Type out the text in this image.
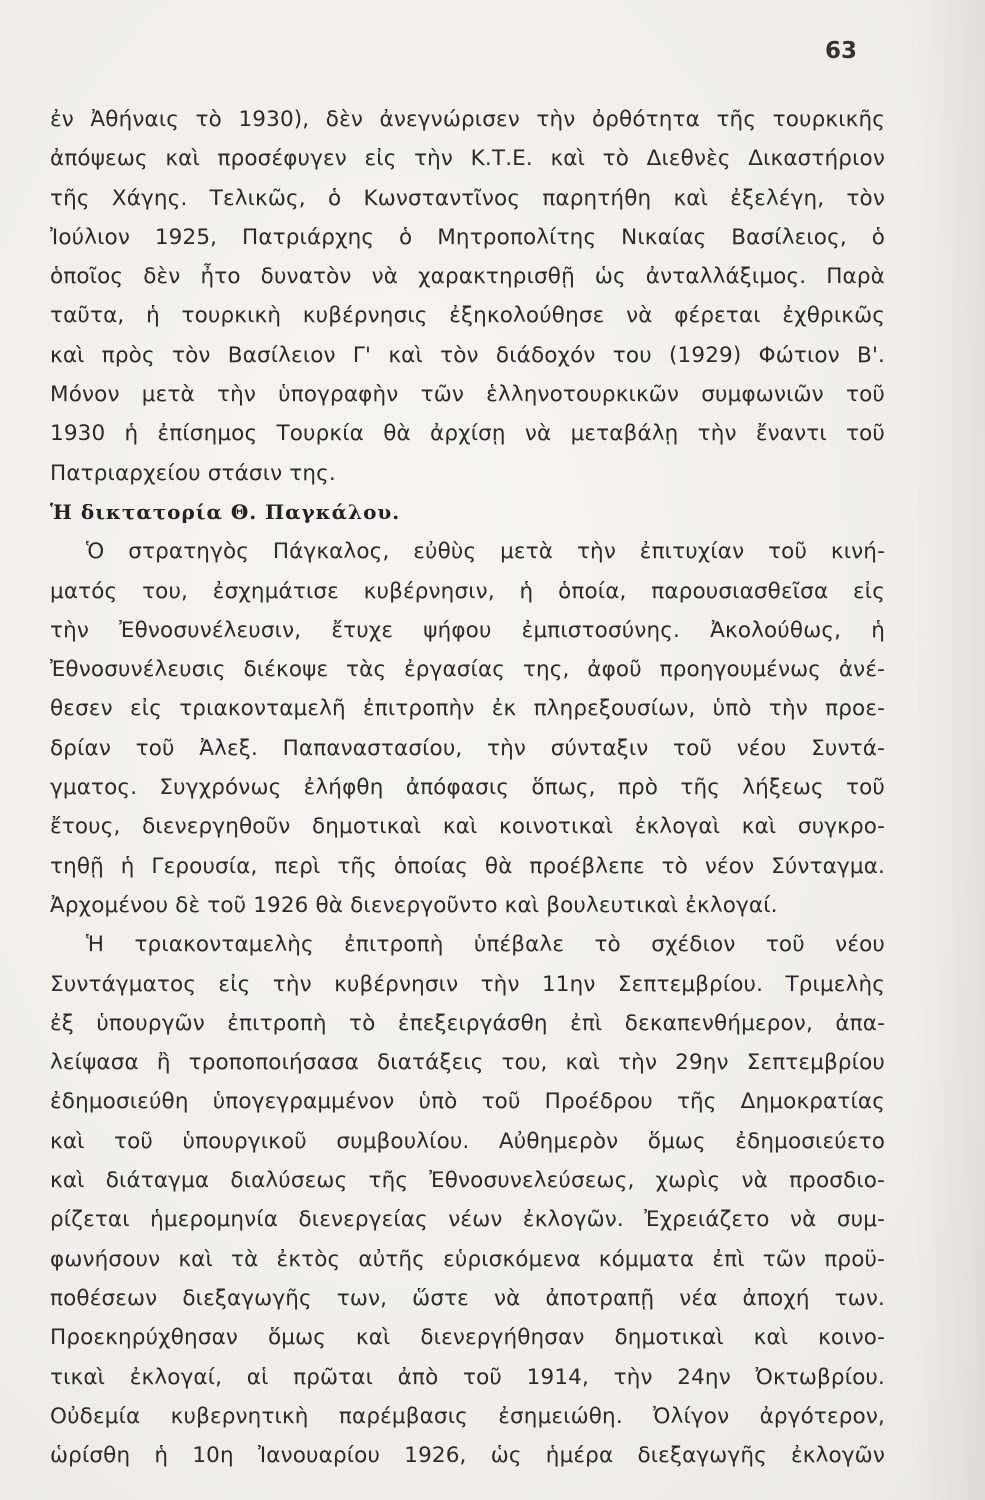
63
ἐν Ἀθήναις τὸ 1930), δὲν ἀνεγνώρισεν τὴν ὀρθότητα τῆς τουρκικῆς
ἀπόψεως καὶ προσέφυγεν εἰς τὴν Κ.Τ.Ε. καὶ τὸ Διεθνὲς Δικαστήριον
τῆς Χάγης. Τελικῶς, ὁ Κωνσταντῖνος παρητήθη καὶ ἐξελέγη, τὸν
Ἰούλιον 1925, Πατριάρχης ὁ Μητροπολίτης Νικαίας Βασίλειος, ὁ
ὁποῖος δὲν ἦτο δυνατὸν νὰ χαρακτηρισθῇ ὡς ἀνταλλάξιμος. Παρὰ
ταῦτα, ἡ τουρκικὴ κυβέρνησις ἐξηκολούθησε νὰ φέρεται ἐχθρικῶς
καὶ πρὸς τὸν Βασίλειον Γ' καὶ τὸν διάδοχόν του (1929) Φώτιον Β'.
Μόνον μετὰ τὴν ὑπογραφὴν τῶν ἑλληνοτουρκικῶν συμφωνιῶν τοῦ
1930 ἡ ἐπίσημος Τουρκία θὰ ἀρχίσῃ νὰ μεταβάλῃ τὴν ἔναντι τοῦ
Πατριαρχείου στάσιν της.
Ἡ δικτατορία Θ. Παγκάλου.
Ὁ στρατηγὸς Πάγκαλος, εὐθὺς μετὰ τὴν ἐπιτυχίαν τοῦ κινή-
ματός του, ἐσχημάτισε κυβέρνησιν, ἡ ὁποία, παρουσιασθεῖσα εἰς
τὴν Ἐθνοσυνέλευσιν, ἔτυχε ψήφου ἐμπιστοσύνης. Ἀκολούθως, ἡ
Ἐθνοσυνέλευσις διέκοψε τὰς ἐργασίας της, ἀφοῦ προηγουμένως ἀνέ-
θεσεν εἰς τριακονταμελῆ ἐπιτροπὴν ἐκ πληρεξουσίων, ὑπὸ τὴν προε-
δρίαν τοῦ Ἀλεξ. Παπαναστασίου, τὴν σύνταξιν τοῦ νέου Συντά-
γματος. Συγχρόνως ἐλήφθη ἀπόφασις ὅπως, πρὸ τῆς λήξεως τοῦ
ἔτους, διενεργηθοῦν δημοτικαὶ καὶ κοινοτικαὶ ἐκλογαὶ καὶ συγκρο-
τηθῇ ἡ Γερουσία, περὶ τῆς ὁποίας θὰ προέβλεπε τὸ νέον Σύνταγμα.
Ἀρχομένου δὲ τοῦ 1926 θὰ διενεργοῦντο καὶ βουλευτικαὶ ἐκλογαί.
Ἡ τριακονταμελὴς ἐπιτροπὴ ὑπέβαλε τὸ σχέδιον τοῦ νέου
Συντάγματος εἰς τὴν κυβέρνησιν τὴν 11ην Σεπτεμβρίου. Τριμελὴς
ἐξ ὑπουργῶν ἐπιτροπὴ τὸ ἐπεξειργάσθη ἐπὶ δεκαπενθήμερον, ἀπα-
λείψασα ἢ τροποποιήσασα διατάξεις του, καὶ τὴν 29ην Σεπτεμβρίου
ἐδημοσιεύθη ὑπογεγραμμένον ὑπὸ τοῦ Προέδρου τῆς Δημοκρατίας
καὶ τοῦ ὑπουργικοῦ συμβουλίου. Αὐθημερὸν ὅμως ἐδημοσιεύετο
καὶ διάταγμα διαλύσεως τῆς Ἐθνοσυνελεύσεως, χωρὶς νὰ προσδιο-
ρίζεται ἡμερομηνία διενεργείας νέων ἐκλογῶν. Ἐχρειάζετο νὰ συμ-
φωνήσουν καὶ τὰ ἐκτὸς αὐτῆς εὑρισκόμενα κόμματα ἐπὶ τῶν προϋ-
ποθέσεων διεξαγωγῆς των, ὥστε νὰ ἀποτραπῇ νέα ἀποχή των.
Προεκηρύχθησαν ὅμως καὶ διενεργήθησαν δημοτικαὶ καὶ κοινο-
τικαὶ ἐκλογαί, αἱ πρῶται ἀπὸ τοῦ 1914, τὴν 24ην Ὀκτωβρίου.
Οὐδεμία κυβερνητικὴ παρέμβασις ἐσημειώθη. Ὀλίγον ἀργότερον,
ὡρίσθη ἡ 10η Ἰανουαρίου 1926, ὡς ἡμέρα διεξαγωγῆς ἐκλογῶν
